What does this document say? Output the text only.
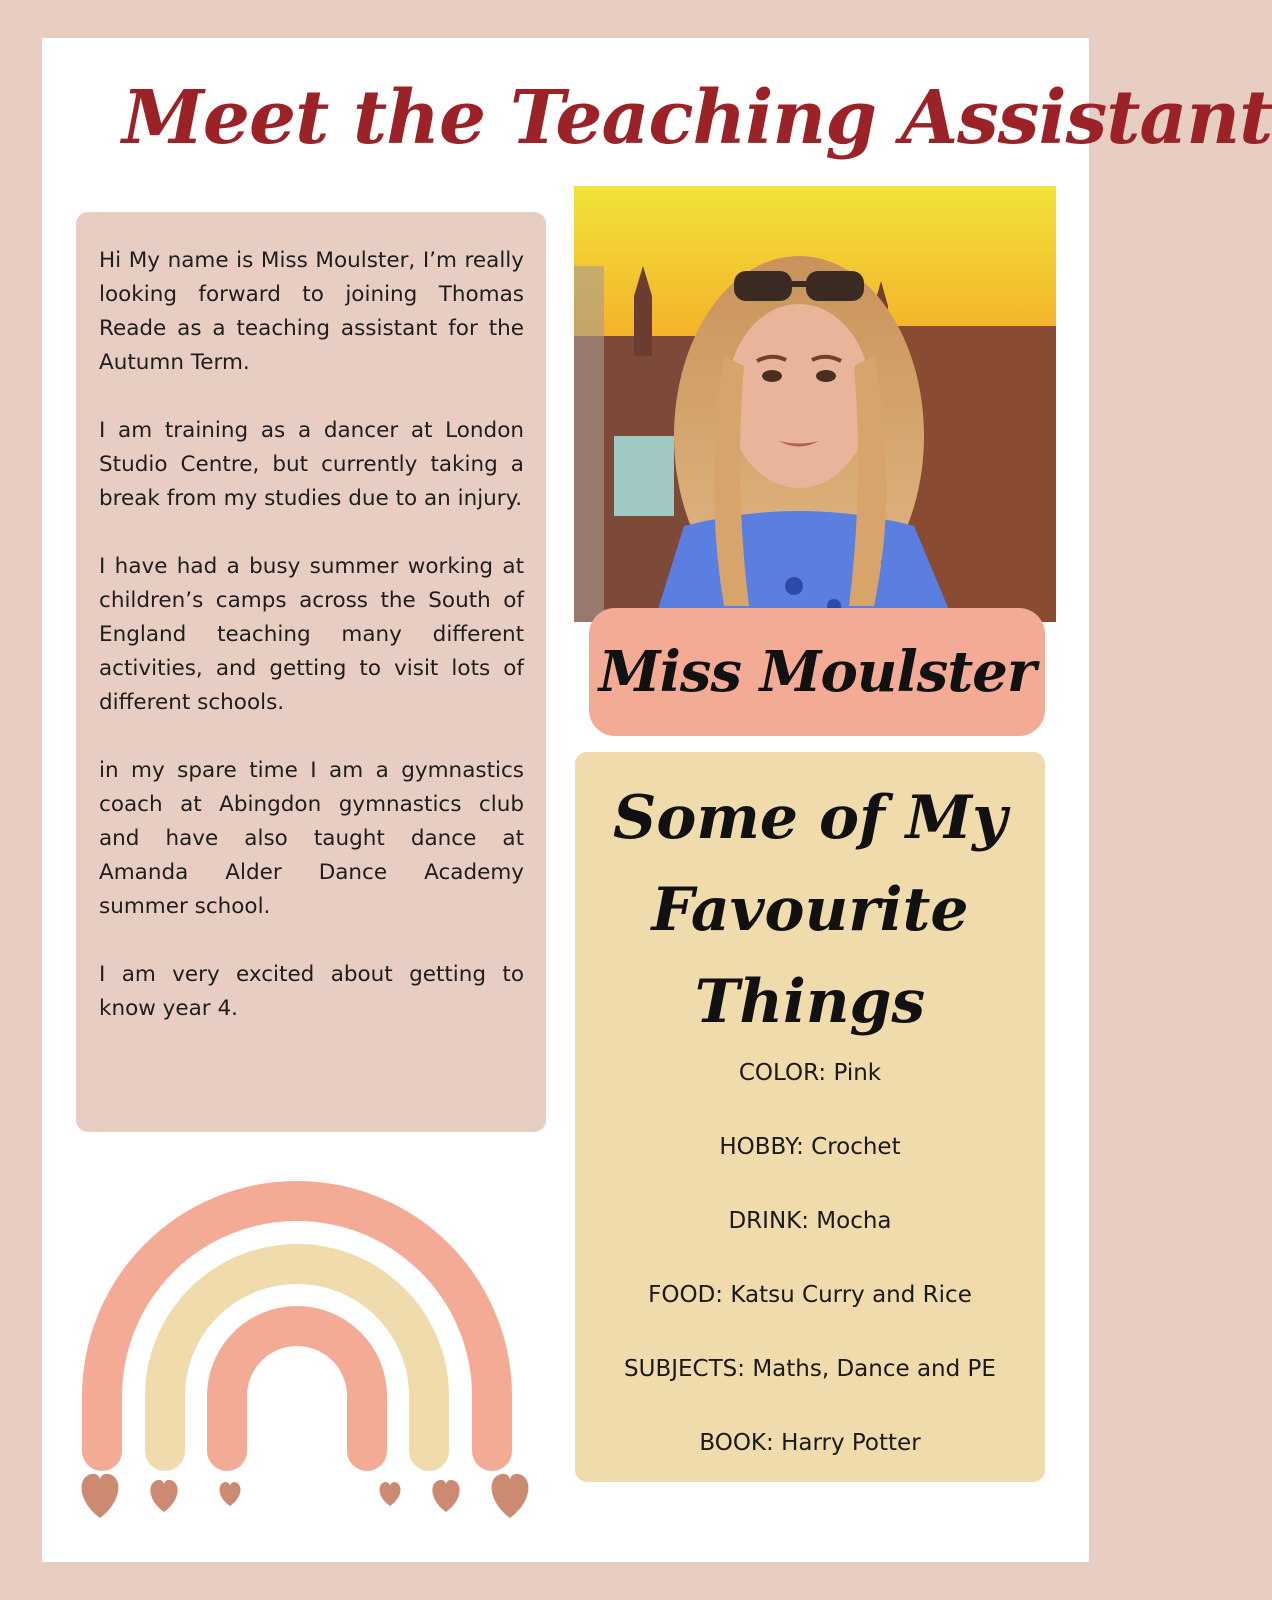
Meet the Teaching Assistant

Hi My name is Miss Moulster, I’m really looking forward to joining Thomas Reade as a teaching assistant for the Autumn Term.

I am training as a dancer at London Studio Centre, but currently taking a break from my studies due to an injury.

I have had a busy summer working at children’s camps across the South of England teaching many different activities, and getting to visit lots of different schools.

in my spare time I am a gymnastics coach at Abingdon gymnastics club and have also taught dance at Amanda Alder Dance Academy summer school.

I am very excited about getting to know year 4.

Miss Moulster
Some of My
Favourite
Things
COLOR: Pink
HOBBY: Crochet
DRINK: Mocha
FOOD: Katsu Curry and Rice
SUBJECTS: Maths, Dance and PE
BOOK: Harry Potter
